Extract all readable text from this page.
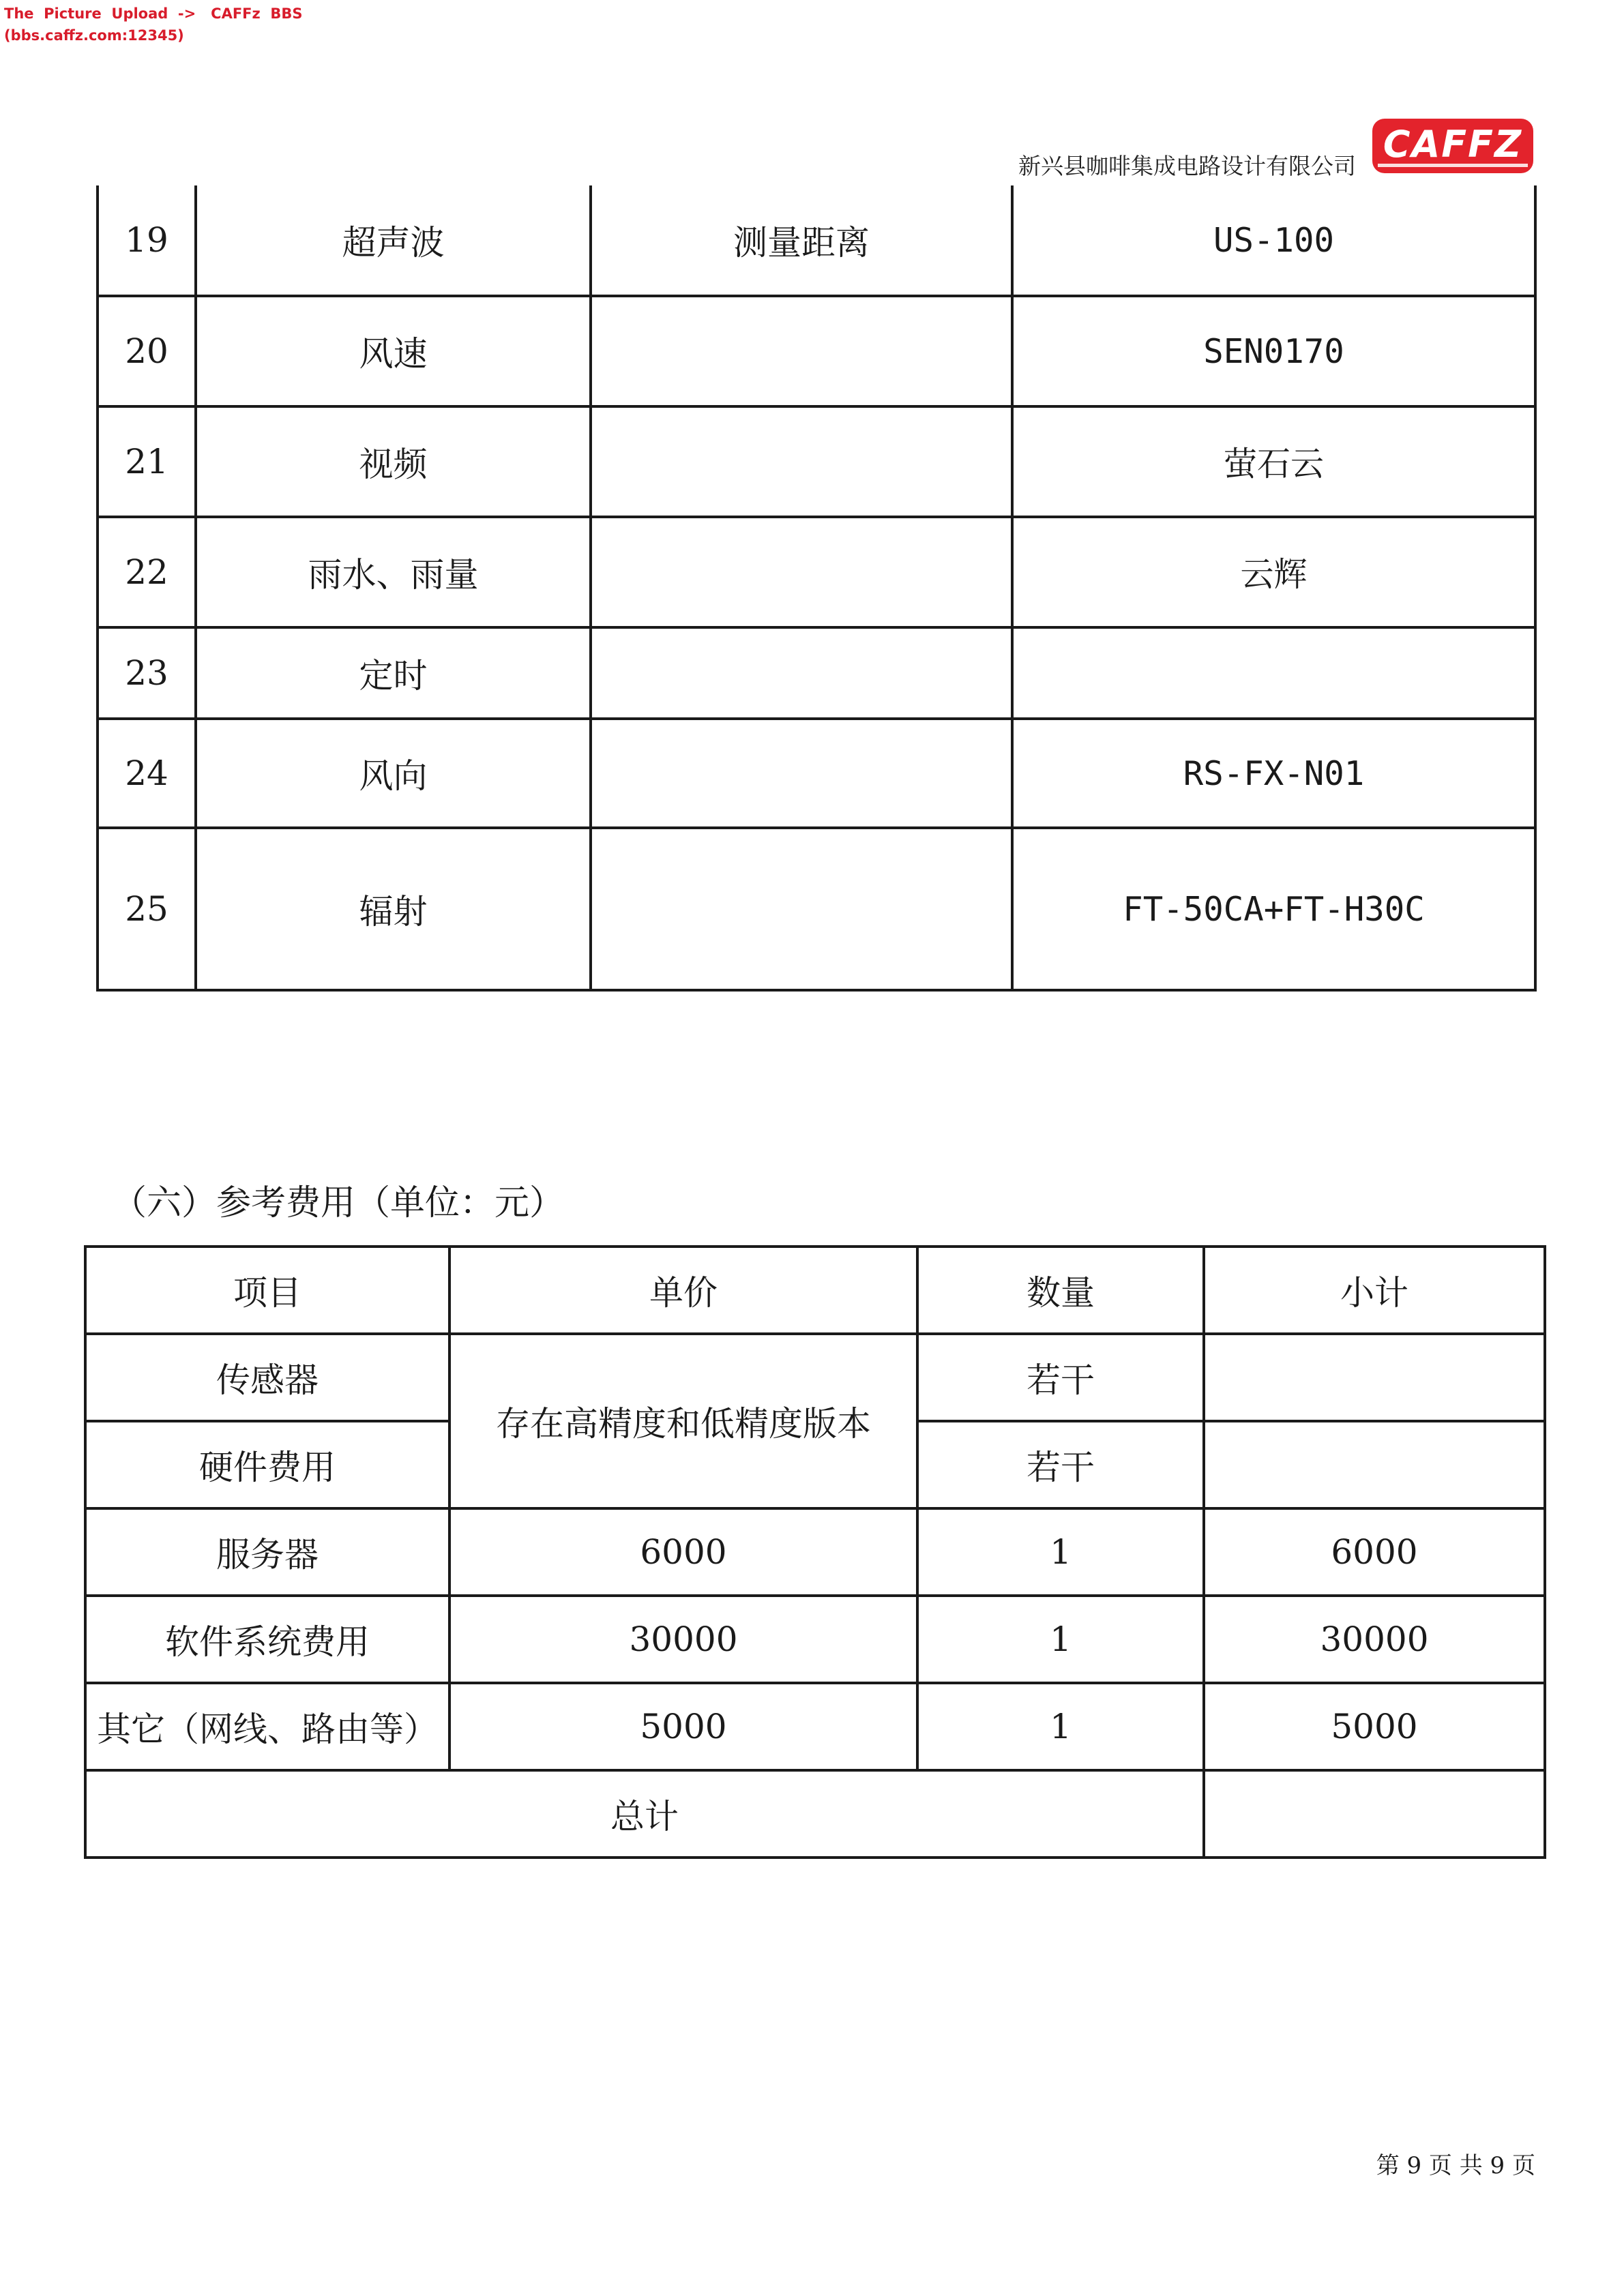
The  Picture  Upload  ->   CAFFz  BBS
(bbs.caffz.com:12345)
新兴县咖啡集成电路设计有限公司
CAFFZ
19	超声波	测量距离	US-100
20	风速		SEN0170
21	视频		萤石云
22	雨水、雨量		云辉
23	定时		
24	风向		RS-FX-N01
25	辐射		FT-50CA+FT-H30C
（六）参考费用（单位：元）
项目	单价	数量	小计
传感器	存在高精度和低精度版本	若干	
硬件费用		若干	
服务器	6000	1	6000
软件系统费用	30000	1	30000
其它（网线、路由等）	5000	1	5000
总计			
第 9 页 共 9 页
